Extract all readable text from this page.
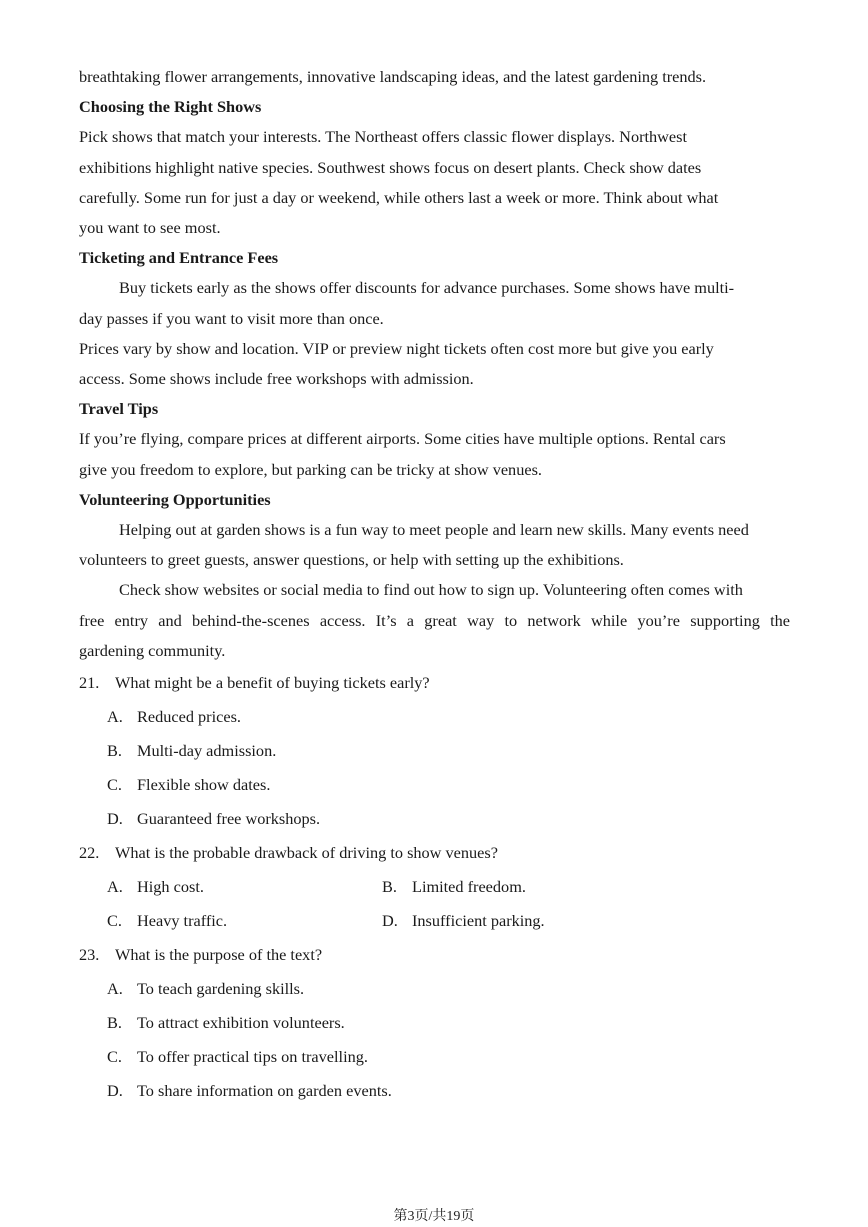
breathtaking flower arrangements, innovative landscaping ideas, and the latest gardening trends.
Choosing the Right Shows
Pick shows that match your interests. The Northeast offers classic flower displays. Northwest
exhibitions highlight native species. Southwest shows focus on desert plants. Check show dates
carefully. Some run for just a day or weekend, while others last a week or more. Think about what
you want to see most.
Ticketing and Entrance Fees
Buy tickets early as the shows offer discounts for advance purchases. Some shows have multi-
day passes if you want to visit more than once.
Prices vary by show and location. VIP or preview night tickets often cost more but give you early
access. Some shows include free workshops with admission.
Travel Tips
If you’re flying, compare prices at different airports. Some cities have multiple options. Rental cars
give you freedom to explore, but parking can be tricky at show venues.
Volunteering Opportunities
Helping out at garden shows is a fun way to meet people and learn new skills. Many events need
volunteers to greet guests, answer questions, or help with setting up the exhibitions.
Check show websites or social media to find out how to sign up. Volunteering often comes with
free entry and behind-the-scenes access. It’s a great way to network while you’re supporting the
gardening community.
21. What might be a benefit of buying tickets early?
A. Reduced prices.
B. Multi-day admission.
C. Flexible show dates.
D. Guaranteed free workshops.
22. What is the probable drawback of driving to show venues?
A. High cost.	B. Limited freedom.
C. Heavy traffic.	D. Insufficient parking.
23. What is the purpose of the text?
A. To teach gardening skills.
B. To attract exhibition volunteers.
C. To offer practical tips on travelling.
D. To share information on garden events.
第3页/共19页
